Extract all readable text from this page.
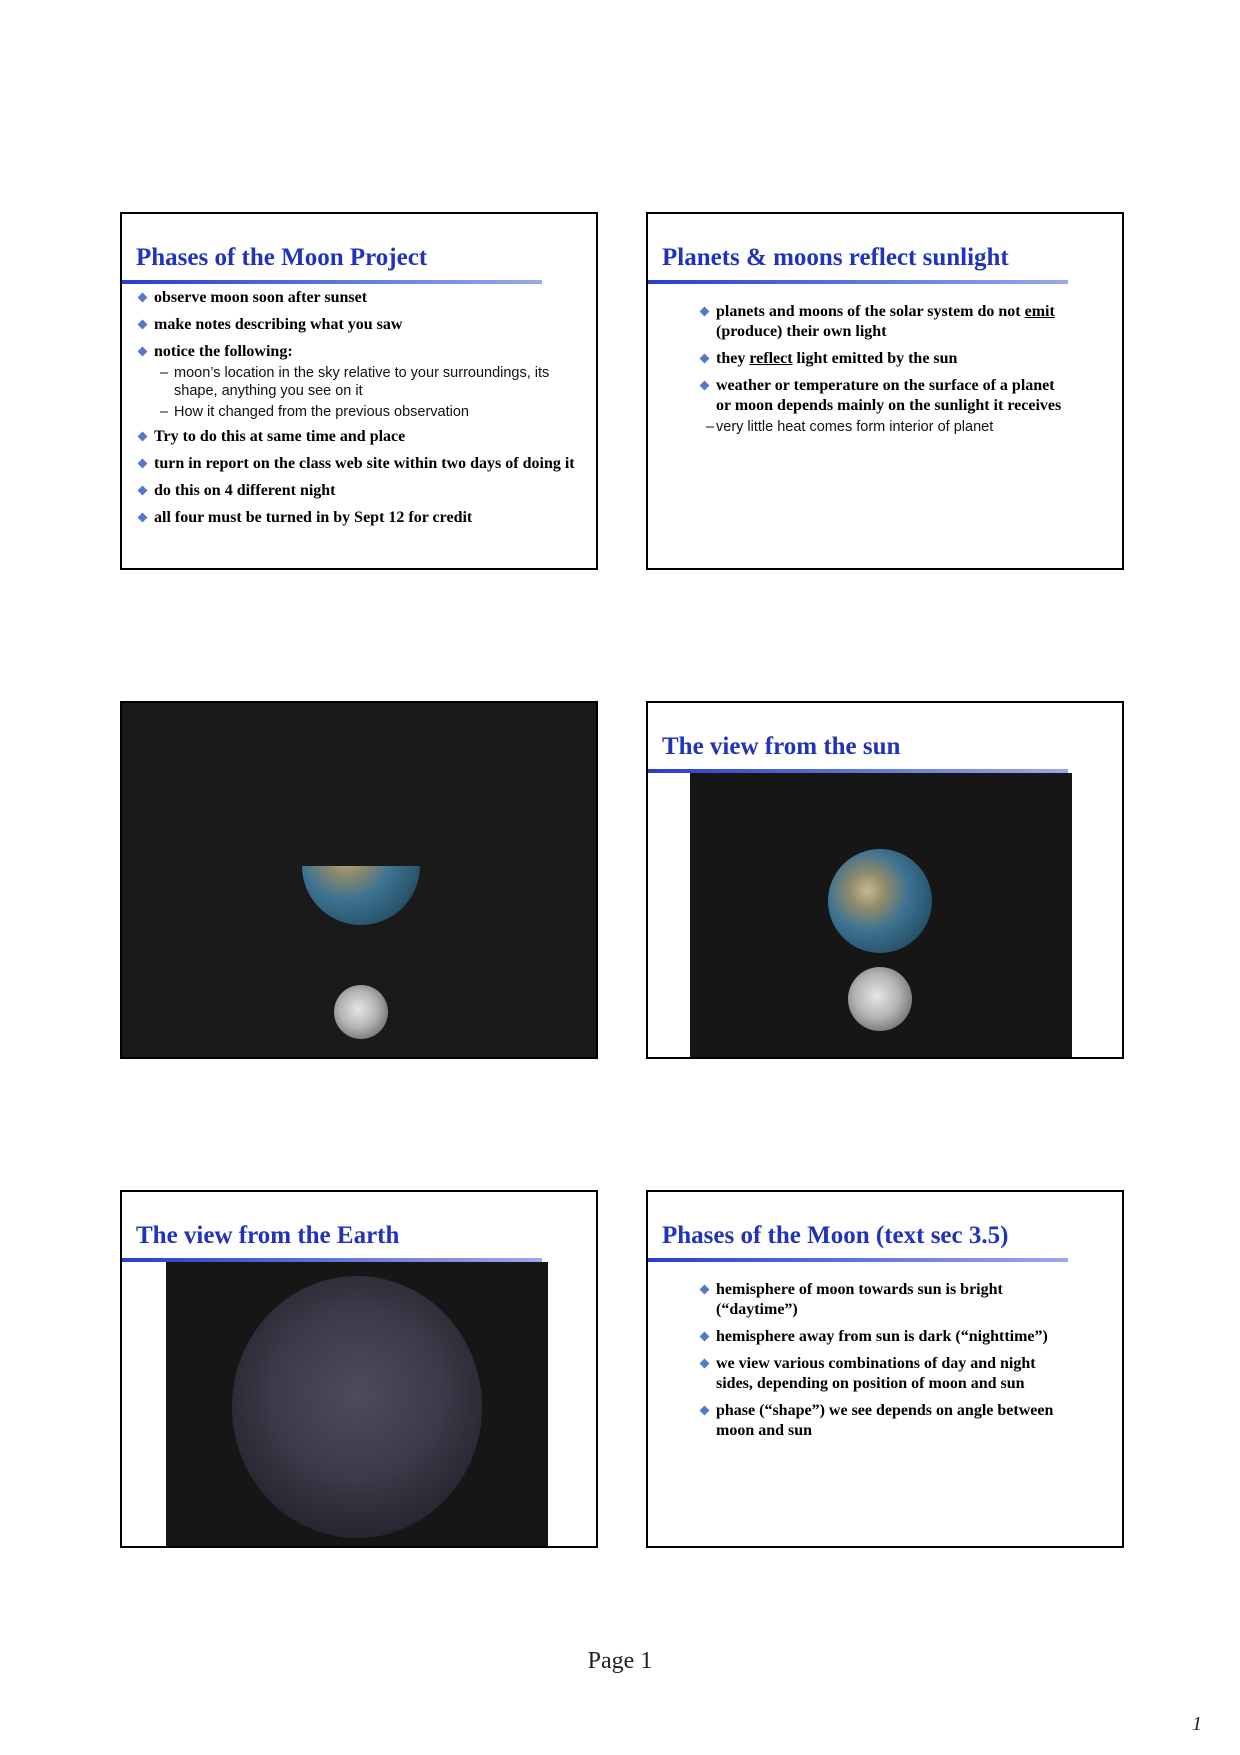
Phases of the Moon Project
observe moon soon after sunset
make notes describing what you saw
notice the following:
– moon’s location in the sky relative to your surroundings, its shape, anything you see on it
– How it changed from the previous observation
Try to do this at same time and place
turn in report on the class web site within two days of doing it
do this on 4 different night
all four must be turned in by Sept 12 for credit
Planets & moons reflect sunlight
planets and moons of the solar system do not emit (produce) their own light
they reflect light emitted by the sun
weather or temperature on the surface of a planet or moon depends mainly on the sunlight it receives
– very little heat comes form interior of planet
The view from the sun
The view from the Earth	Phases of the Moon (text sec 3.5)
hemisphere of moon towards sun is bright (“daytime”)
hemisphere away from sun is dark (“nighttime”)
we view various combinations of day and night sides, depending on position of moon and sun
phase (“shape”) we see depends on angle between moon and sun
Page 1
1
